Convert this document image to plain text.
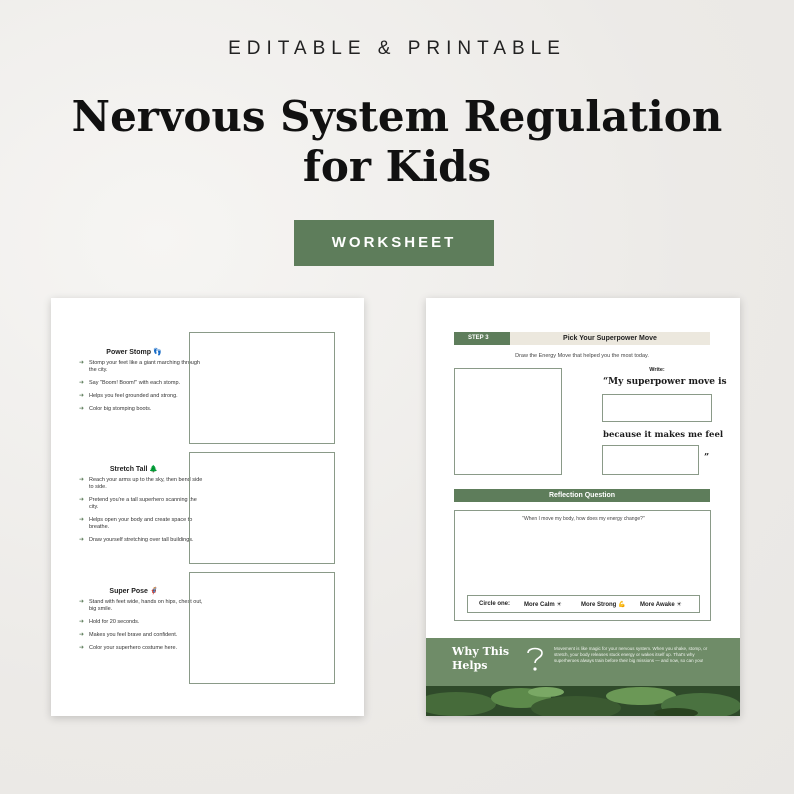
EDITABLE & PRINTABLE
Nervous System Regulation
for Kids
WORKSHEET
Power Stomp 👣
➜ Stomp your feet like a giant marching through the city.
➜ Say "Boom! Boom!" with each stomp.
➜ Helps you feel grounded and strong.
➜ Color big stomping boots.
Stretch Tall 🌲
➜ Reach your arms up to the sky, then bend side to side.
➜ Pretend you're a tall superhero scanning the city.
➜ Helps open your body and create space to breathe.
➜ Draw yourself stretching over tall buildings.
Super Pose 🦸🏼
➜ Stand with feet wide, hands on hips, chest out, big smile.
➜ Hold for 20 seconds.
➜ Makes you feel brave and confident.
➜ Color your superhero costume here.
STEP 3	Pick Your Superpower Move
Draw the Energy Move that helped you the most today.
Write:
“My superpower move is
because it makes me feel
”
Reflection Question
"When I move my body, how does my energy change?"
Circle one: More Calm ☀	More Strong 💪 More Awake ☀
Why This Helps
Movement is like magic for your nervous system. When you shake, stomp, or stretch, your body releases stuck energy or wakes itself up. That's why superheroes always train before their big missions — and now, so can you!
